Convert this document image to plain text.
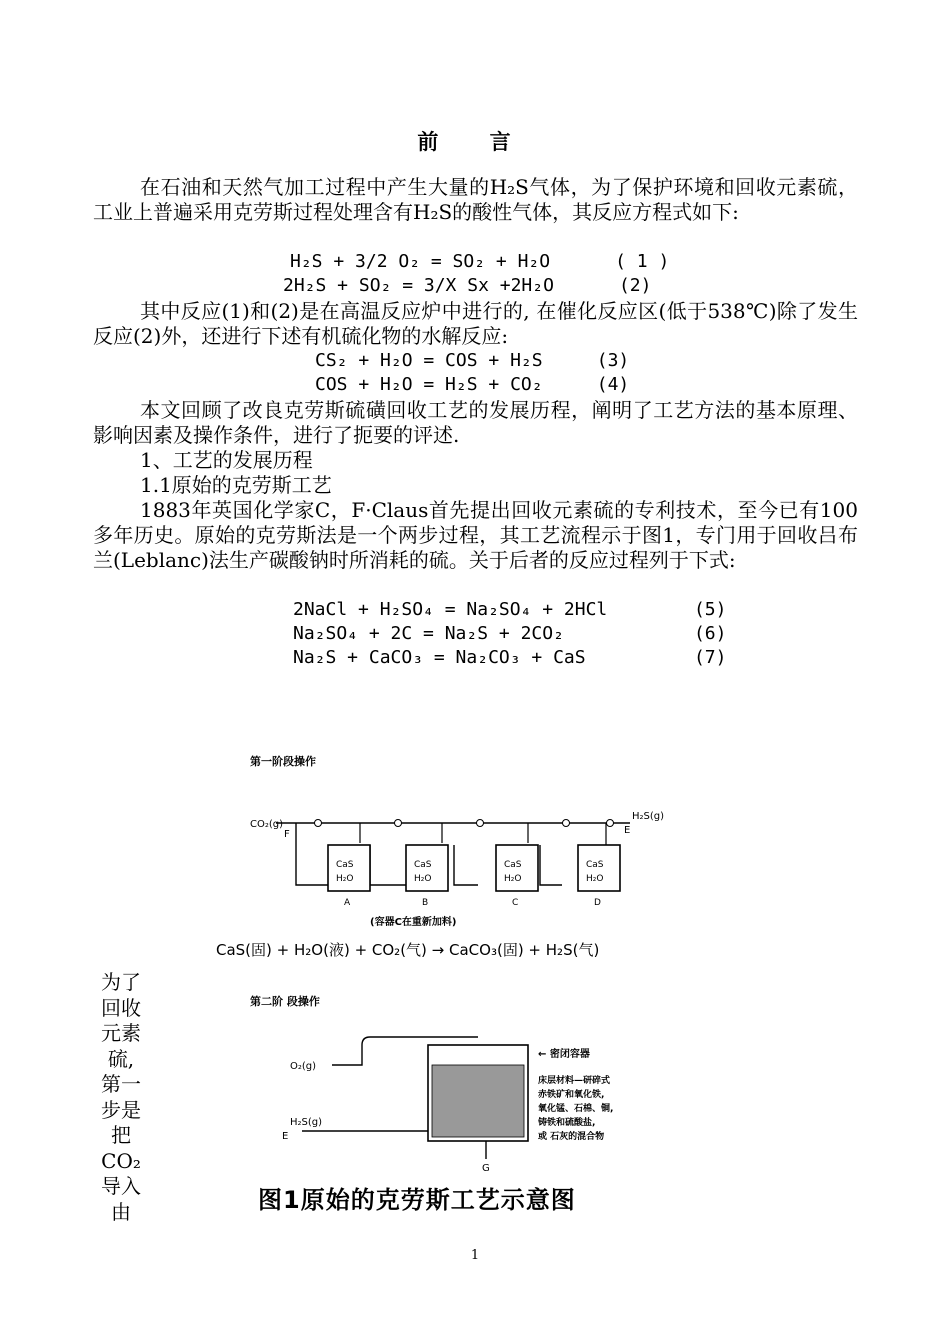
前 言
在石油和天然气加工过程中产生大量的H₂S气体，为了保护环境和回收元素硫，工业上普遍采用克劳斯过程处理含有H₂S的酸性气体，其反应方程式如下:
H₂S + 3/2 O₂ = SO₂ + H₂O      ( 1 )
2H₂S + SO₂ = 3/X Sx +2H₂O      (2)
其中反应(1)和(2)是在高温反应炉中进行的, 在催化反应区(低于538℃)除了发生反应(2)外，还进行下述有机硫化物的水解反应:
CS₂ + H₂O = COS + H₂S     (3)
COS + H₂O = H₂S + CO₂     (4)
本文回顾了改良克劳斯硫磺回收工艺的发展历程，阐明了工艺方法的基本原理、影响因素及操作条件，进行了扼要的评述.
1、工艺的发展历程
1.1原始的克劳斯工艺
1883年英国化学家C，F·Claus首先提出回收元素硫的专利技术，至今已有100多年历史。原始的克劳斯法是一个两步过程，其工艺流程示于图1，专门用于回收吕布兰(Leblanc)法生产碳酸钠时所消耗的硫。关于后者的反应过程列于下式:
2NaCl + H₂SO₄ = Na₂SO₄ + 2HCl        (5)
Na₂SO₄ + 2C = Na₂S + 2CO₂            (6)
Na₂S + CaCO₃ = Na₂CO₃ + CaS          (7)
第一阶段操作
CO₂(g)
F
H₂S(g)
E
CaS
H₂O
A
CaS
H₂O
B
CaS
H₂O
C
CaS
H₂O
D
(容器C在重新加料)
CaS(固) + H₂O(液) + CO₂(气) → CaCO₃(固) + H₂S(气)
第二阶 段操作
O₂(g)
H₂S(g)
E
G
← 密闭容器
床层材料—研碎式
赤铁矿和氧化铁,
氧化锰、石棉、铜,
铸铁和硫酸盐,
或 石灰的混合物
为了
回收
元素
硫,
第一
步是
把
CO₂
导入
由	图1原始的克劳斯工艺示意图
1
